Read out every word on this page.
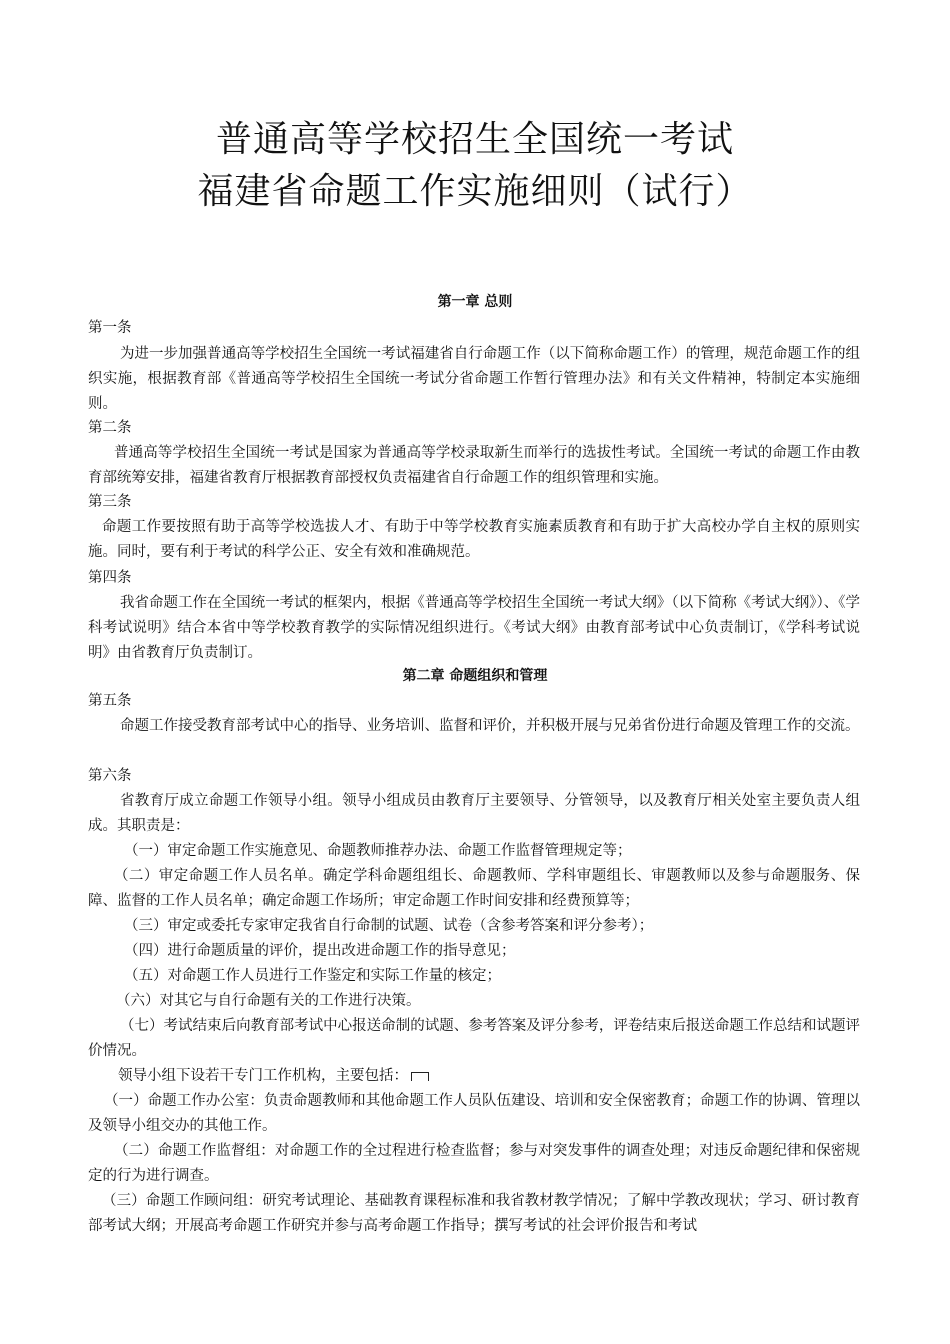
普通高等学校招生全国统一考试
福建省命题工作实施细则（试行）
第一章 总则
第一条
为进一步加强普通高等学校招生全国统一考试福建省自行命题工作（以下简称命题工作）的管理，规范命题工作的组织实施，根据教育部《普通高等学校招生全国统一考试分省命题工作暂行管理办法》和有关文件精神，特制定本实施细则。
第二条
普通高等学校招生全国统一考试是国家为普通高等学校录取新生而举行的选拔性考试。全国统一考试的命题工作由教育部统筹安排，福建省教育厅根据教育部授权负责福建省自行命题工作的组织管理和实施。
第三条
命题工作要按照有助于高等学校选拔人才、有助于中等学校教育实施素质教育和有助于扩大高校办学自主权的原则实施。同时，要有利于考试的科学公正、安全有效和准确规范。
第四条
我省命题工作在全国统一考试的框架内，根据《普通高等学校招生全国统一考试大纲》（以下简称《考试大纲》）、《学科考试说明》结合本省中等学校教育教学的实际情况组织进行。《考试大纲》由教育部考试中心负责制订，《学科考试说明》由省教育厅负责制订。
第二章 命题组织和管理
第五条
命题工作接受教育部考试中心的指导、业务培训、监督和评价，并积极开展与兄弟省份进行命题及管理工作的交流。
第六条
省教育厅成立命题工作领导小组。领导小组成员由教育厅主要领导、分管领导，以及教育厅相关处室主要负责人组成。其职责是：
（一）审定命题工作实施意见、命题教师推荐办法、命题工作监督管理规定等；
（二）审定命题工作人员名单。确定学科命题组组长、命题教师、学科审题组长、审题教师以及参与命题服务、保障、监督的工作人员名单；确定命题工作场所；审定命题工作时间安排和经费预算等；
（三）审定或委托专家审定我省自行命制的试题、试卷（含参考答案和评分参考）；
（四）进行命题质量的评价，提出改进命题工作的指导意见；
（五）对命题工作人员进行工作鉴定和实际工作量的核定；
（六）对其它与自行命题有关的工作进行决策。
（七）考试结束后向教育部考试中心报送命制的试题、参考答案及评分参考，评卷结束后报送命题工作总结和试题评价情况。
领导小组下设若干专门工作机构，主要包括：
（一）命题工作办公室：负责命题教师和其他命题工作人员队伍建设、培训和安全保密教育；命题工作的协调、管理以及领导小组交办的其他工作。
（二）命题工作监督组：对命题工作的全过程进行检查监督；参与对突发事件的调查处理；对违反命题纪律和保密规定的行为进行调查。
（三）命题工作顾问组：研究考试理论、基础教育课程标准和我省教材教学情况；了解中学教改现状；学习、研讨教育部考试大纲；开展高考命题工作研究并参与高考命题工作指导；撰写考试的社会评价报告和考试
